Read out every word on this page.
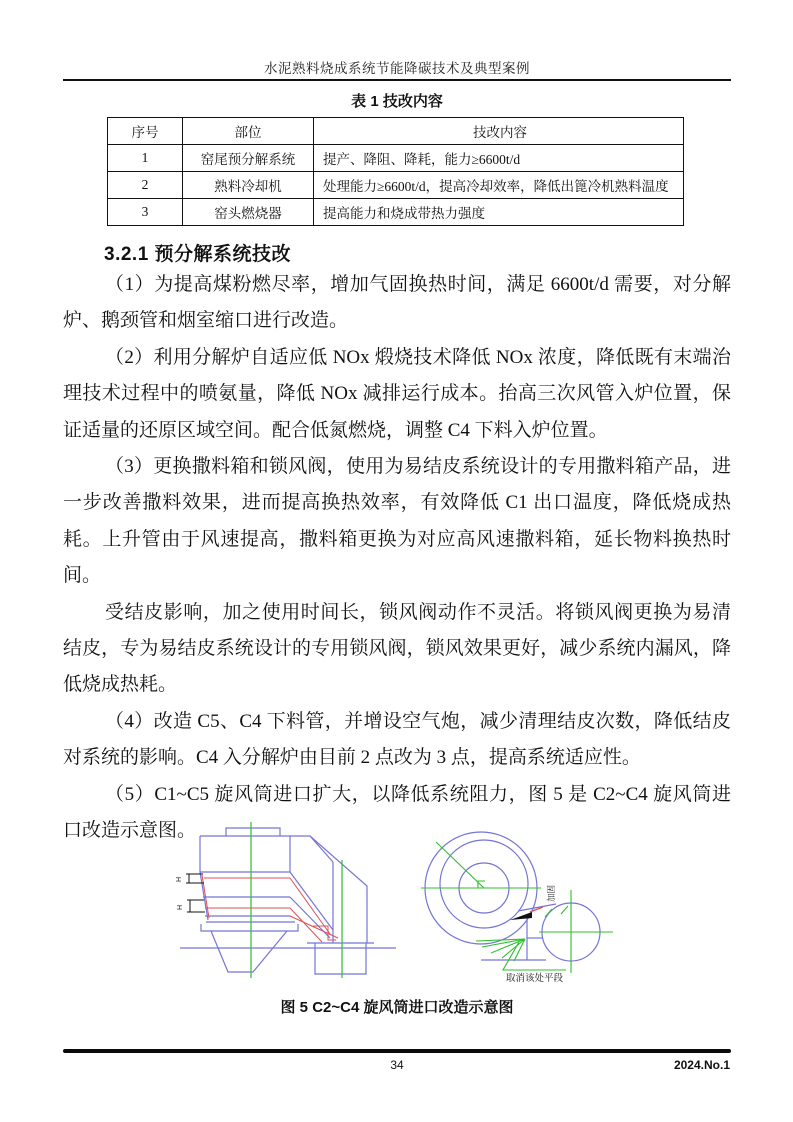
水泥熟料烧成系统节能降碳技术及典型案例
表 1 技改内容
序号	部位	技改内容
1	窑尾预分解系统	提产、降阻、降耗，能力≥6600t/d
2	熟料冷却机	处理能力≥6600t/d，提高冷却效率，降低出篦冷机熟料温度
3	窑头燃烧器	提高能力和烧成带热力强度
3.2.1 预分解系统技改

（1）为提高煤粉燃尽率，增加气固换热时间，满足 6600t/d 需要，对分解炉、鹅颈管和烟室缩口进行改造。

（2）利用分解炉自适应低 NOx 煅烧技术降低 NOx 浓度，降低既有末端治理技术过程中的喷氨量，降低 NOx 减排运行成本。抬高三次风管入炉位置，保证适量的还原区域空间。配合低氮燃烧，调整 C4 下料入炉位置。

（3）更换撒料箱和锁风阀，使用为易结皮系统设计的专用撒料箱产品，进一步改善撒料效果，进而提高换热效率，有效降低 C1 出口温度，降低烧成热耗。上升管由于风速提高，撒料箱更换为对应高风速撒料箱，延长物料换热时间。

受结皮影响，加之使用时间长，锁风阀动作不灵活。将锁风阀更换为易清结皮，专为易结皮系统设计的专用锁风阀，锁风效果更好，减少系统内漏风，降低烧成热耗。

（4）改造 C5、C4 下料管，并增设空气炮，减少清理结皮次数，降低结皮对系统的影响。C4 入分解炉由目前 2 点改为 3 点，提高系统适应性。

（5）C1~C5 旋风筒进口扩大，以降低系统阻力，图 5 是 C2~C4 旋风筒进口改造示意图。

H
H
加固
取消该处平段
图 5 C2~C4 旋风筒进口改造示意图
34	2024.No.1
